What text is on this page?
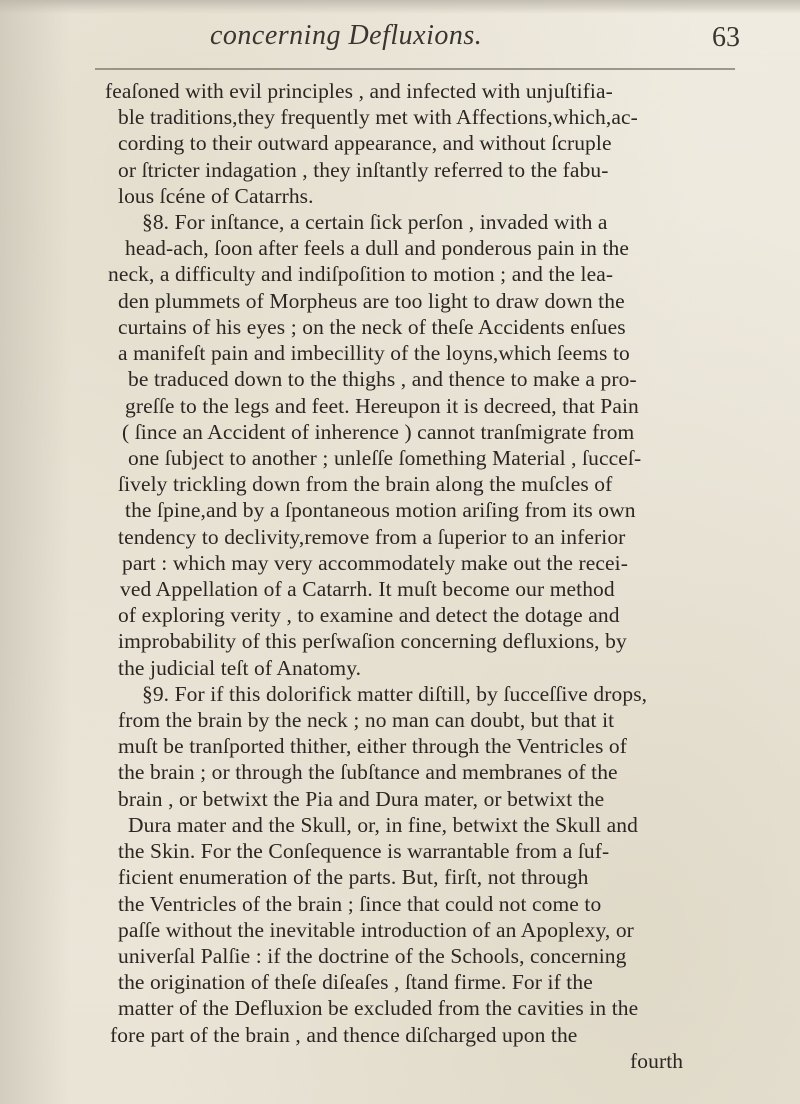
concerning Defluxions.	63
feaſoned with evil principles , and infected with unjuſtifia-
ble traditions,they frequently met with Affections,which,ac-
cording to their outward appearance, and without ſcruple
or ſtricter indagation , they inſtantly referred to the fabu-
lous ſcéne of Catarrhs.
§8. For inſtance, a certain ſick perſon , invaded with a
head-ach, ſoon after feels a dull and ponderous pain in the
neck, a difficulty and indiſpoſition to motion ; and the lea-
den plummets of Morpheus are too light to draw down the
curtains of his eyes ; on the neck of theſe Accidents enſues
a manifeſt pain and imbecillity of the loyns,which ſeems to
be traduced down to the thighs , and thence to make a pro-
greſſe to the legs and feet. Hereupon it is decreed, that Pain
( ſince an Accident of inherence ) cannot tranſmigrate from
one ſubject to another ; unleſſe ſomething Material , ſucceſ-
ſively trickling down from the brain along the muſcles of
the ſpine,and by a ſpontaneous motion ariſing from its own
tendency to declivity,remove from a ſuperior to an inferior
part : which may very accommodately make out the recei-
ved Appellation of a Catarrh. It muſt become our method
of exploring verity , to examine and detect the dotage and
improbability of this perſwaſion concerning defluxions, by
the judicial teſt of Anatomy.
§9. For if this dolorifick matter diſtill, by ſucceſſive drops,
from the brain by the neck ; no man can doubt, but that it
muſt be tranſported thither, either through the Ventricles of
the brain ; or through the ſubſtance and membranes of the
brain , or betwixt the Pia and Dura mater, or betwixt the
Dura mater and the Skull, or, in fine, betwixt the Skull and
the Skin. For the Conſequence is warrantable from a ſuf-
ficient enumeration of the parts. But, firſt, not through
the Ventricles of the brain ; ſince that could not come to
paſſe without the inevitable introduction of an Apoplexy, or
univerſal Palſie : if the doctrine of the Schools, concerning
the origination of theſe diſeaſes , ſtand firme. For if the
matter of the Defluxion be excluded from the cavities in the
fore part of the brain , and thence diſcharged upon the
fourth
